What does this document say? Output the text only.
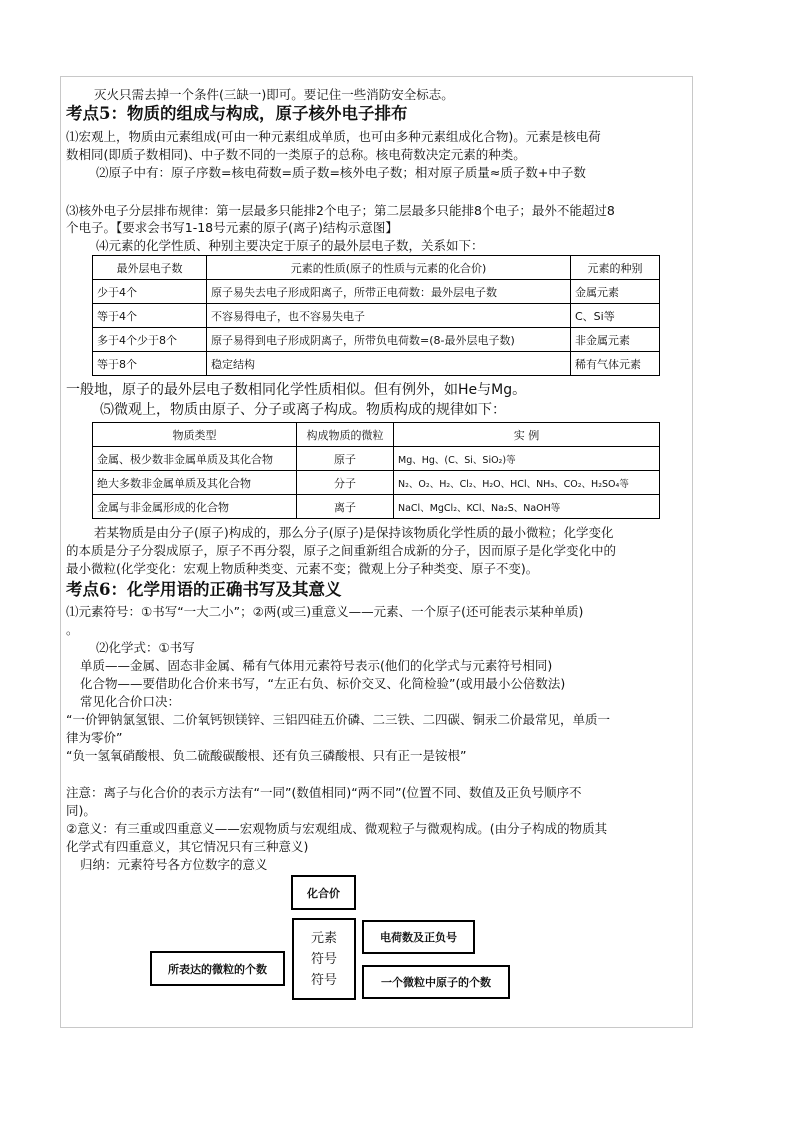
灭火只需去掉一个条件(三缺一)即可。要记住一些消防安全标志。
考点5：物质的组成与构成，原子核外电子排布
⑴宏观上，物质由元素组成(可由一种元素组成单质，也可由多种元素组成化合物)。元素是核电荷
数相同(即质子数相同)、中子数不同的一类原子的总称。核电荷数决定元素的种类。
⑵原子中有：原子序数=核电荷数=质子数=核外电子数；相对原子质量≈质子数+中子数
⑶核外电子分层排布规律：第一层最多只能排2个电子；第二层最多只能排8个电子；最外不能超过8
个电子。【要求会书写1-18号元素的原子(离子)结构示意图】
⑷元素的化学性质、种别主要决定于原子的最外层电子数，关系如下：
最外层电子数	元素的性质(原子的性质与元素的化合价)	元素的种别
少于4个	原子易失去电子形成阳离子，所带正电荷数：最外层电子数	金属元素
等于4个	不容易得电子，也不容易失电子	C、Si等
多于4个少于8个	原子易得到电子形成阴离子，所带负电荷数=(8-最外层电子数)	非金属元素
等于8个	稳定结构	稀有气体元素
一般地，原子的最外层电子数相同化学性质相似。但有例外，如He与Mg。
⑸微观上，物质由原子、分子或离子构成。物质构成的规律如下：
物质类型	构成物质的微粒	实 例
金属、极少数非金属单质及其化合物	原子	Mg、Hg、(C、Si、SiO₂)等
绝大多数非金属单质及其化合物	分子	N₂、O₂、H₂、Cl₂、H₂O、HCl、NH₃、CO₂、H₂SO₄等
金属与非金属形成的化合物	离子	NaCl、MgCl₂、KCl、Na₂S、NaOH等
若某物质是由分子(原子)构成的，那么分子(原子)是保持该物质化学性质的最小微粒；化学变化
的本质是分子分裂成原子，原子不再分裂，原子之间重新组合成新的分子，因而原子是化学变化中的
最小微粒(化学变化：宏观上物质种类变、元素不变；微观上分子种类变、原子不变)。
考点6：化学用语的正确书写及其意义
⑴元素符号：①书写“一大二小”；②两(或三)重意义——元素、一个原子(还可能表示某种单质)
。
⑵化学式：①书写
单质——金属、固态非金属、稀有气体用元素符号表示(他们的化学式与元素符号相同)
化合物——要借助化合价来书写，“左正右负、标价交叉、化简检验”(或用最小公倍数法)
常见化合价口决：
“一价钾钠氯氢银、二价氧钙钡镁锌、三铝四硅五价磷、二三铁、二四碳、铜汞二价最常见，单质一
律为零价”
“负一氢氧硝酸根、负二硫酸碳酸根、还有负三磷酸根、只有正一是铵根”
注意：离子与化合价的表示方法有“一同”(数值相同)“两不同”(位置不同、数值及正负号顺序不
同)。
②意义：有三重或四重意义——宏观物质与宏观组成、微观粒子与微观构成。(由分子构成的物质其
化学式有四重意义，其它情况只有三种意义)
归纳：元素符号各方位数字的意义
化合价
元素
符号
符号
电荷数及正负号
所表达的微粒的个数
一个微粒中原子的个数
